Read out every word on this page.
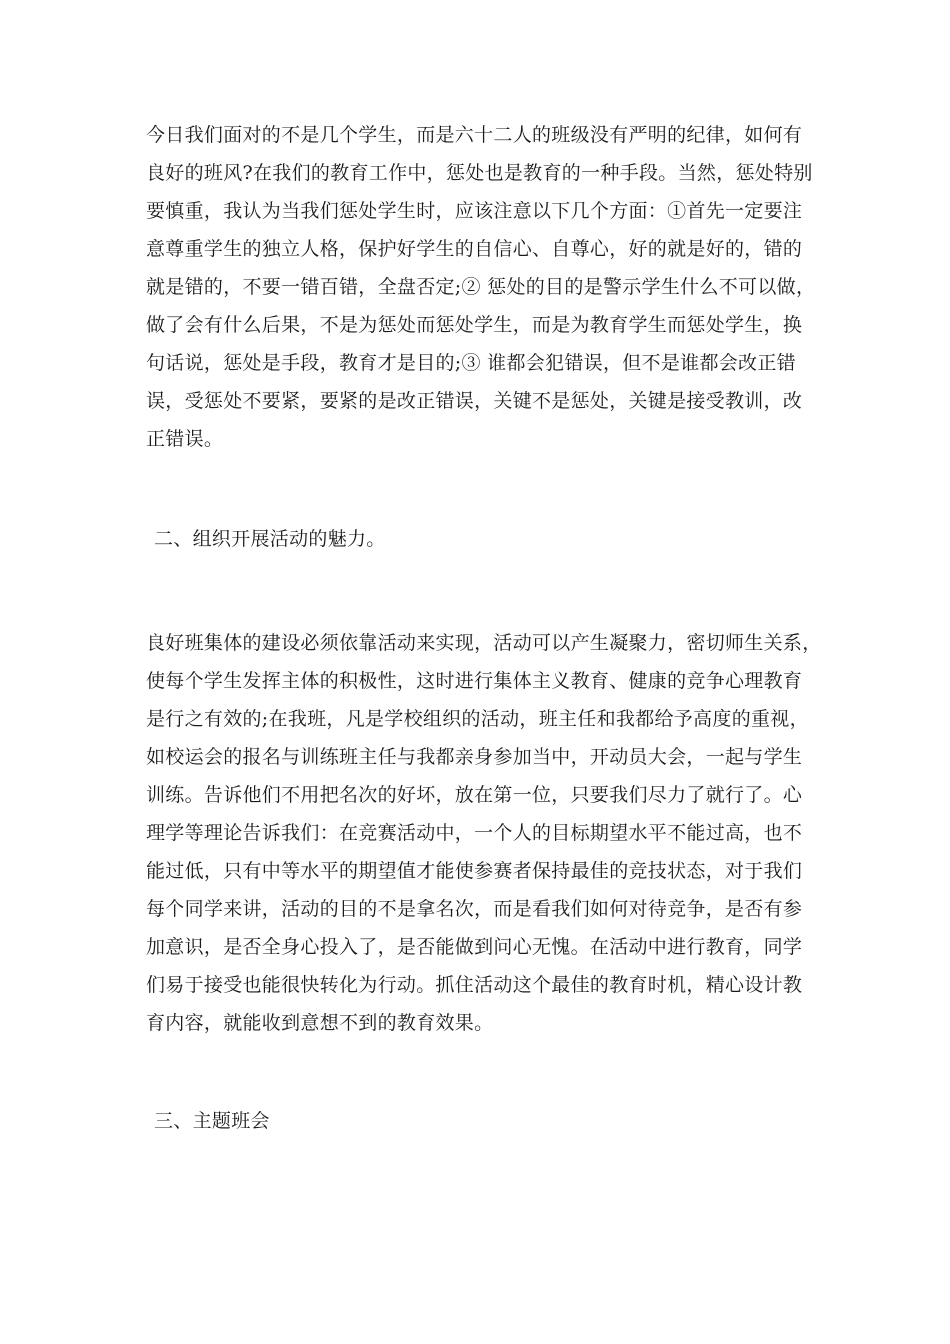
今日我们面对的不是几个学生，而是六十二人的班级没有严明的纪律，如何有
良好的班风?在我们的教育工作中，惩处也是教育的一种手段。当然，惩处特别
要慎重，我认为当我们惩处学生时，应该注意以下几个方面：①首先一定要注
意尊重学生的独立人格，保护好学生的自信心、自尊心，好的就是好的，错的
就是错的，不要一错百错，全盘否定;② 惩处的目的是警示学生什么不可以做，
做了会有什么后果，不是为惩处而惩处学生，而是为教育学生而惩处学生，换
句话说，惩处是手段，教育才是目的;③ 谁都会犯错误，但不是谁都会改正错
误，受惩处不要紧，要紧的是改正错误，关键不是惩处，关键是接受教训，改
正错误。
二、组织开展活动的魅力。
良好班集体的建设必须依靠活动来实现，活动可以产生凝聚力，密切师生关系，
使每个学生发挥主体的积极性，这时进行集体主义教育、健康的竞争心理教育
是行之有效的;在我班，凡是学校组织的活动，班主任和我都给予高度的重视，
如校运会的报名与训练班主任与我都亲身参加当中，开动员大会，一起与学生
训练。告诉他们不用把名次的好坏，放在第一位，只要我们尽力了就行了。心
理学等理论告诉我们：在竞赛活动中，一个人的目标期望水平不能过高，也不
能过低，只有中等水平的期望值才能使参赛者保持最佳的竞技状态，对于我们
每个同学来讲，活动的目的不是拿名次，而是看我们如何对待竞争，是否有参
加意识，是否全身心投入了，是否能做到问心无愧。在活动中进行教育，同学
们易于接受也能很快转化为行动。抓住活动这个最佳的教育时机，精心设计教
育内容，就能收到意想不到的教育效果。
三、主题班会
